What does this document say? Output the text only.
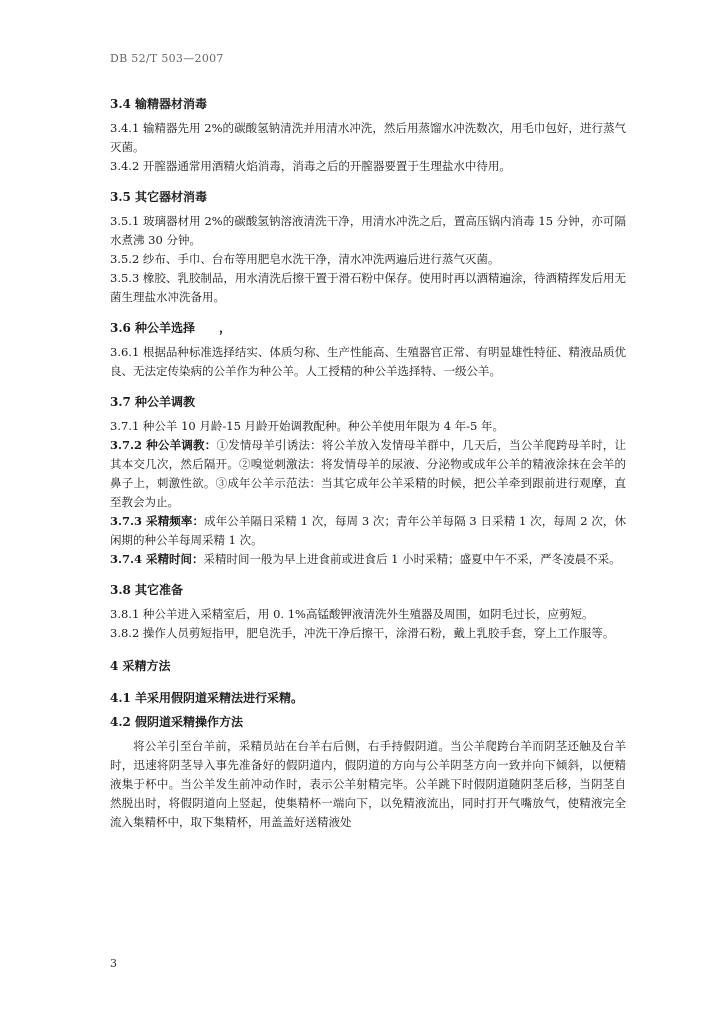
DB 52/T 503—2007

3.4 输精器材消毒

3.4.1 输精器先用 2%的碳酸氢钠清洗并用清水冲洗，然后用蒸馏水冲洗数次，用毛巾包好，进行蒸气灭菌。

3.4.2 开膣器通常用酒精火焰消毒，消毒之后的开膣器要置于生理盐水中待用。

3.5 其它器材消毒

3.5.1 玻璃器材用 2%的碳酸氢钠溶液清洗干净，用清水冲洗之后，置高压锅内消毒 15 分钟，亦可隔水煮沸 30 分钟。

3.5.2 纱布、手巾、台布等用肥皂水洗干净，清水冲洗两遍后进行蒸气灭菌。

3.5.3 橡胶、乳胶制品，用水清洗后擦干置于滑石粉中保存。使用时再以酒精遍涂，待酒精挥发后用无菌生理盐水冲洗备用。

3.6 种公羊选择　　，

3.6.1 根据品种标准选择结实、体质匀称、生产性能高、生殖器官正常、有明显雄性特征、精液品质优良、无法定传染病的公羊作为种公羊。人工授精的种公羊选择特、一级公羊。

3.7 种公羊调教

3.7.1 种公羊 10 月龄-15 月龄开始调教配种。种公羊使用年限为 4 年-5 年。

3.7.2 种公羊调教：①发情母羊引诱法：将公羊放入发情母羊群中，几天后，当公羊爬跨母羊时，让其本交几次，然后隔开。②嗅觉刺激法：将发情母羊的尿液、分泌物或成年公羊的精液涂抹在会羊的鼻子上，刺激性欲。③成年公羊示范法：当其它成年公羊采精的时候，把公羊牵到跟前进行观摩，直至教会为止。

3.7.3 采精频率：成年公羊隔日采精 1 次，每周 3 次；青年公羊每隔 3 日采精 1 次，每周 2 次，休闲期的种公羊每周采精 1 次。

3.7.4 采精时间：采精时间一般为早上进食前或进食后 1 小时采精；盛夏中午不采，严冬凌晨不采。

3.8 其它准备

3.8.1 种公羊进入采精室后，用 0. 1%高锰酸钾液清洗外生殖器及周围，如阴毛过长，应剪短。

3.8.2 操作人员剪短指甲，肥皂洗手，冲洗干净后擦干，涂滑石粉，戴上乳胶手套，穿上工作服等。

4 采精方法

4.1 羊采用假阴道采精法进行采精。

4.2 假阴道采精操作方法

将公羊引至台羊前，采精员站在台羊右后侧，右手持假阴道。当公羊爬跨台羊而阴茎还触及台羊时，迅速将阴茎导入事先准备好的假阴道内，假阴道的方向与公羊阴茎方向一致并向下倾斜，以便精液集于杯中。当公羊发生前冲动作时，表示公羊射精完毕。公羊跳下时假阴道随阴茎后移，当阴茎自然脱出时，将假阴道向上竖起，使集精杯一端向下，以免精液流出，同时打开气嘴放气，使精液完全流入集精杯中，取下集精杯，用盖盖好送精液处

3
